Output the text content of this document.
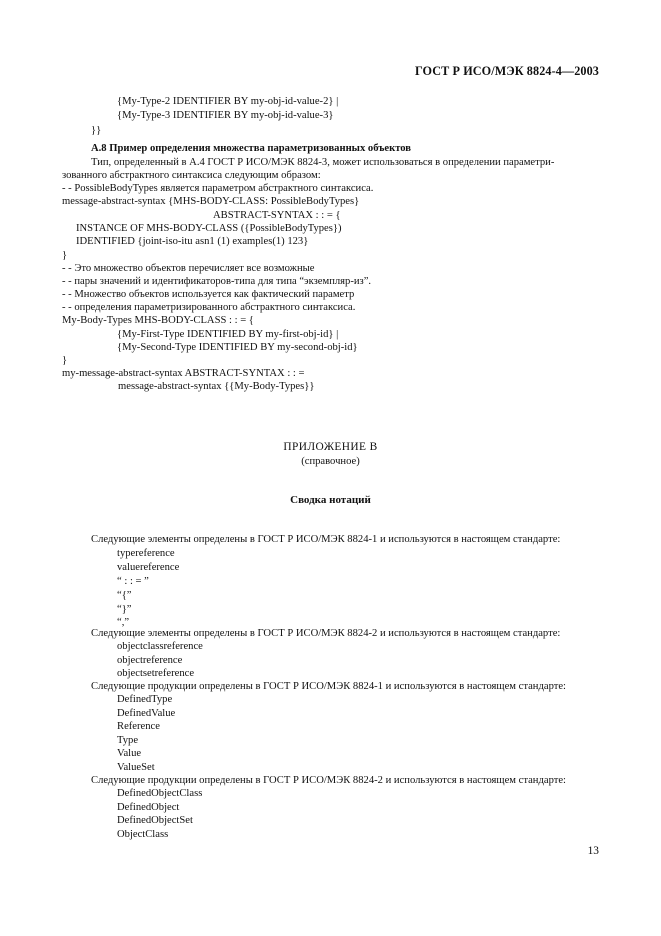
ГОСТ Р ИСО/МЭК 8824-4—2003
{My-Type-2 IDENTIFIER BY my-obj-id-value-2} |
{My-Type-3 IDENTIFIER BY my-obj-id-value-3}
}}
А.8 Пример определения множества параметризованных объектов
Тип, определенный в А.4 ГОСТ Р ИСО/МЭК 8824-3, может использоваться в определении параметри-
зованного абстрактного синтаксиса следующим образом:
- - PossibleBodyTypes является параметром абстрактного синтаксиса.
message-abstract-syntax {MHS-BODY-CLASS: PossibleBodyTypes}
ABSTRACT-SYNTAX : : = {
INSTANCE OF MHS-BODY-CLASS ({PossibleBodyTypes})
IDENTIFIED {joint-iso-itu asn1 (1) examples(1) 123}
}
- - Это множество объектов перечисляет все возможные
- - пары значений и идентификаторов-типа для типа “экземпляр-из”.
- - Множество объектов используется как фактический параметр
- - определения параметризированного абстрактного синтаксиса.
My-Body-Types MHS-BODY-CLASS : : = {
{My-First-Type IDENTIFIED BY my-first-obj-id} |
{My-Second-Type IDENTIFIED BY my-second-obj-id}
}
my-message-abstract-syntax ABSTRACT-SYNTAX : : =
message-abstract-syntax {{My-Body-Types}}
ПРИЛОЖЕНИЕ В
(справочное)
Сводка нотаций
Следующие элементы определены в ГОСТ Р ИСО/МЭК 8824-1 и используются в настоящем стандарте:
typereference
valuereference
“ : : = ”
“{”
“}”
“,”
Следующие элементы определены в ГОСТ Р ИСО/МЭК 8824-2 и используются в настоящем стандарте:
objectclassreference
objectreference
objectsetreference
Следующие продукции определены в ГОСТ Р ИСО/МЭК 8824-1 и используются в настоящем стандарте:
DefinedType
DefinedValue
Reference
Type
Value
ValueSet
Следующие продукции определены в ГОСТ Р ИСО/МЭК 8824-2 и используются в настоящем стандарте:
DefinedObjectClass
DefinedObject
DefinedObjectSet
ObjectClass
13
